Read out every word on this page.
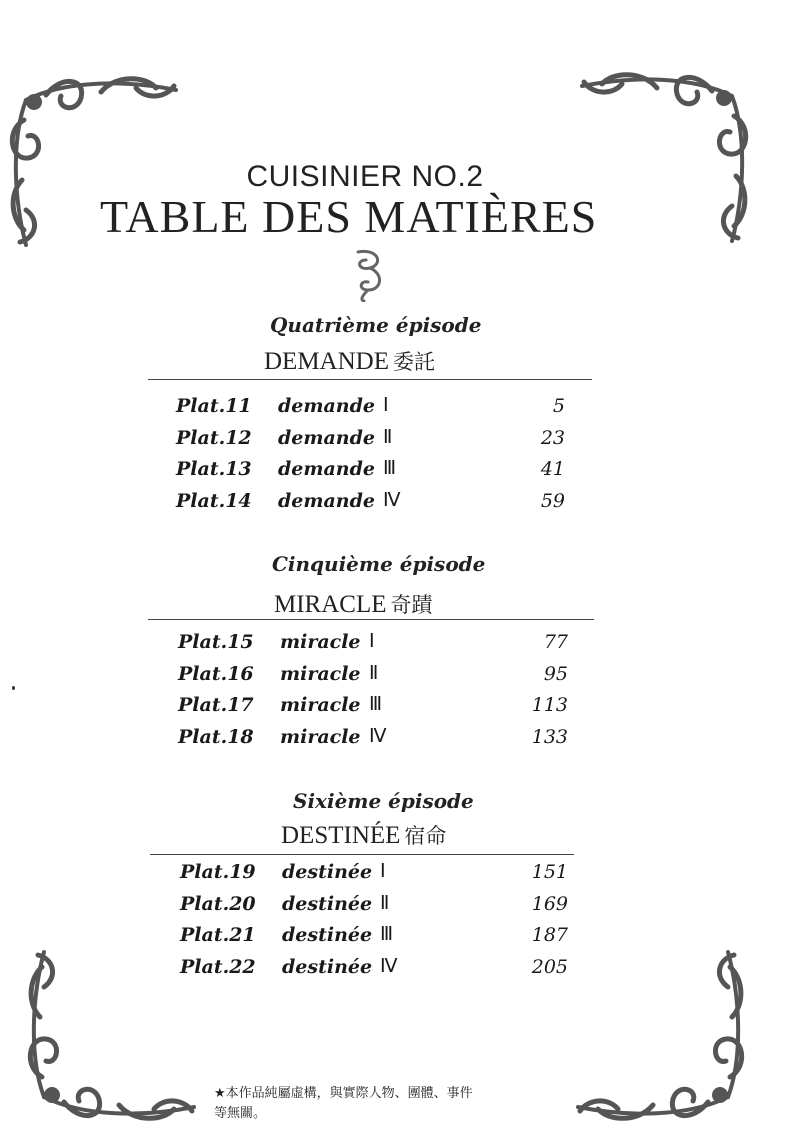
CUISINIER NO.2
TABLE DES MATIÈRES
Quatrième épisode
DEMANDE 委託
Plat.11 demande Ⅰ	5
Plat.12 demande Ⅱ	23
Plat.13 demande Ⅲ	41
Plat.14 demande Ⅳ	59
Cinquième épisode
MIRACLE 奇蹟
Plat.15 miracle Ⅰ	77
Plat.16 miracle Ⅱ	95
Plat.17 miracle Ⅲ	113
Plat.18 miracle Ⅳ	133
Sixième épisode
DESTINÉE 宿命
Plat.19 destinée Ⅰ	151
Plat.20 destinée Ⅱ	169
Plat.21 destinée Ⅲ	187
Plat.22 destinée Ⅳ	205
★本作品純屬虛構，與實際人物、團體、事件
等無關。
